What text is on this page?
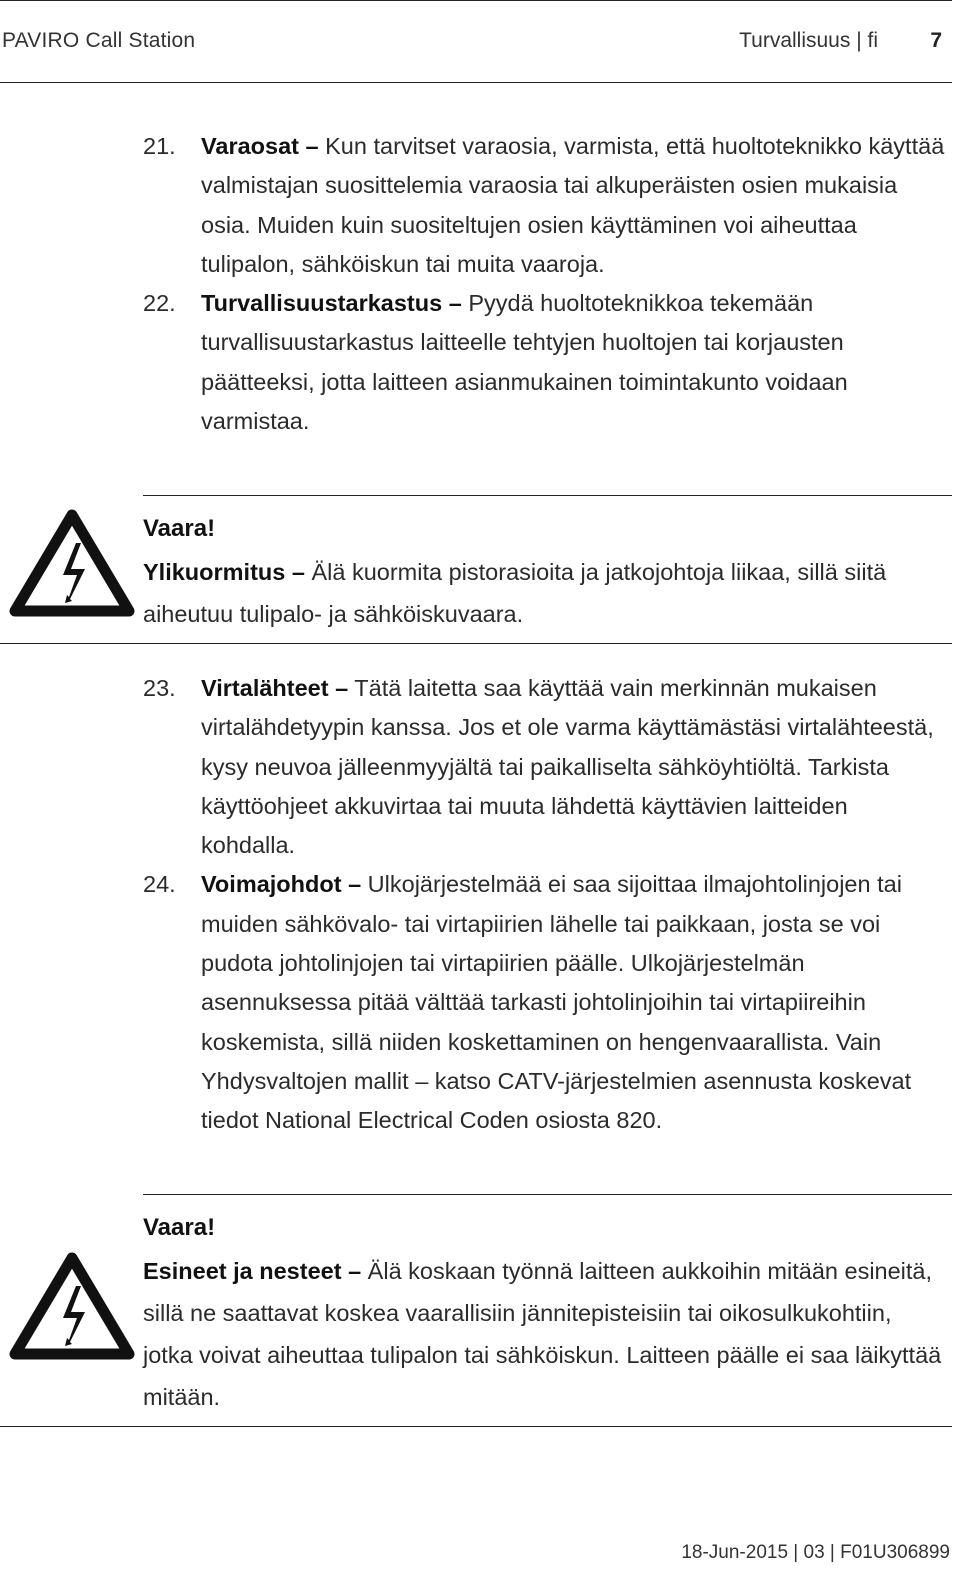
PAVIRO Call Station	Turvallisuus | fi 7
21. Varaosat – Kun tarvitset varaosia, varmista, että huoltoteknikko käyttää valmistajan suosittelemia varaosia tai alkuperäisten osien mukaisia osia. Muiden kuin suositeltujen osien käyttäminen voi aiheuttaa tulipalon, sähköiskun tai muita vaaroja.
22. Turvallisuustarkastus – Pyydä huoltoteknikkoa tekemään turvallisuustarkastus laitteelle tehtyjen huoltojen tai korjausten päätteeksi, jotta laitteen asianmukainen toimintakunto voidaan varmistaa.
Vaara!
Ylikuormitus – Älä kuormita pistorasioita ja jatkojohtoja liikaa, sillä siitä aiheutuu tulipalo- ja sähköiskuvaara.
23. Virtalähteet – Tätä laitetta saa käyttää vain merkinnän mukaisen virtalähdetyypin kanssa. Jos et ole varma käyttämästäsi virtalähteestä, kysy neuvoa jälleenmyyjältä tai paikalliselta sähköyhtiöltä. Tarkista käyttöohjeet akkuvirtaa tai muuta lähdettä käyttävien laitteiden kohdalla.
24. Voimajohdot – Ulkojärjestelmää ei saa sijoittaa ilmajohtolinjojen tai muiden sähkövalo- tai virtapiirien lähelle tai paikkaan, josta se voi pudota johtolinjojen tai virtapiirien päälle. Ulkojärjestelmän asennuksessa pitää välttää tarkasti johtolinjoihin tai virtapiireihin koskemista, sillä niiden koskettaminen on hengenvaarallista. Vain Yhdysvaltojen mallit – katso CATV-järjestelmien asennusta koskevat tiedot National Electrical Coden osiosta 820.
Vaara!
Esineet ja nesteet – Älä koskaan työnnä laitteen aukkoihin mitään esineitä, sillä ne saattavat koskea vaarallisiin jännitepisteisiin tai oikosulkukohtiin, jotka voivat aiheuttaa tulipalon tai sähköiskun. Laitteen päälle ei saa läikyttää mitään.
18-Jun-2015 | 03 | F01U306899
